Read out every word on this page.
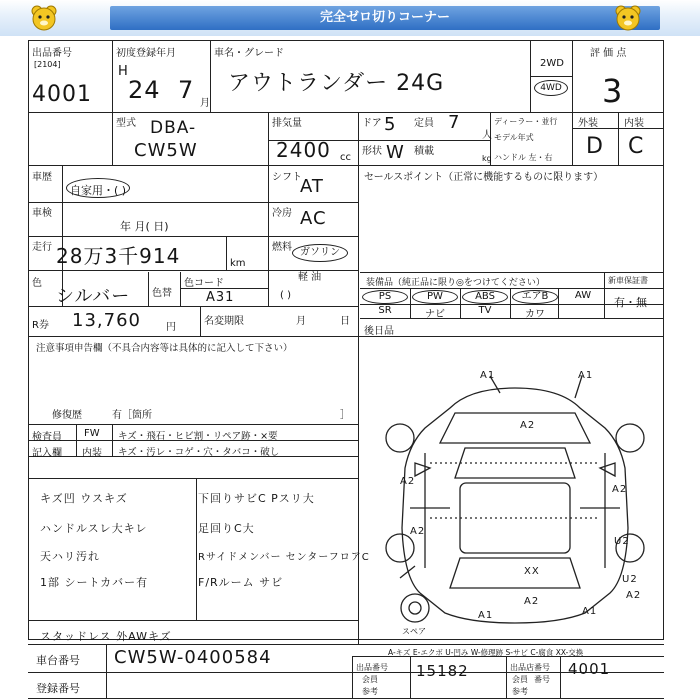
完全ゼロ切りコーナー
出品番号
[2104]
4001
初度登録年月
H
24 7 月
車名・グレード
アウトランダー 24G
2WD
4WD
評 価 点
3
型式 DBA-
CW5W
排気量
2400 cc
ドア 5 定員 7
人
形状 W 積載
kg
ディーラー・並行
モデル年式
ハンドル 左・右
外装	内装
D C
車歴
自家用・( )
シフト
AT	セールスポイント（正常に機能するものに限ります）
車検
年 月( 日)
冷房 AC
走行 28万3千914	km
燃料 ガソリン
軽 油
( )
色
シルバー 色替
色コード
A31
装備品（純正品に限り◎をつけてください）	新車保証書
PS	PW	ABS	エアB	AW
SR	ナビ	TV	カワ
有・無
R券 13,760	円
名変期限	月	日
後日品
注意事項申告欄（不具合内容等は具体的に記入して下さい）
修復歴	有［箇所	］
検査員 FW キズ・飛石・ヒビ割・リペア跡・×要
記入欄 内装 キズ・汚レ・コゲ・穴・タバコ・破し
キズ凹 ウスキズ
ハンドルスレ大キレ
天ハリ汚れ
1部 シートカバー有
下回りサビC Pスリ大
足回りC大
Rサイドメンバー センターフロアC
F/Rルーム サビ
スタッドレス 外AWキズ
A1	A1
A2
A2
A2
A2
U2
A2
A1	A1
XX
A2
U2
スペア
A-キズ E-エクボ U-凹み W-修理跡 S-サビ C-腐食 XX-交換
車台番号 CW5W-0400584
登録番号
出品番号
会員
参考
15182	出品店番号
会員
参考
番号
4001
